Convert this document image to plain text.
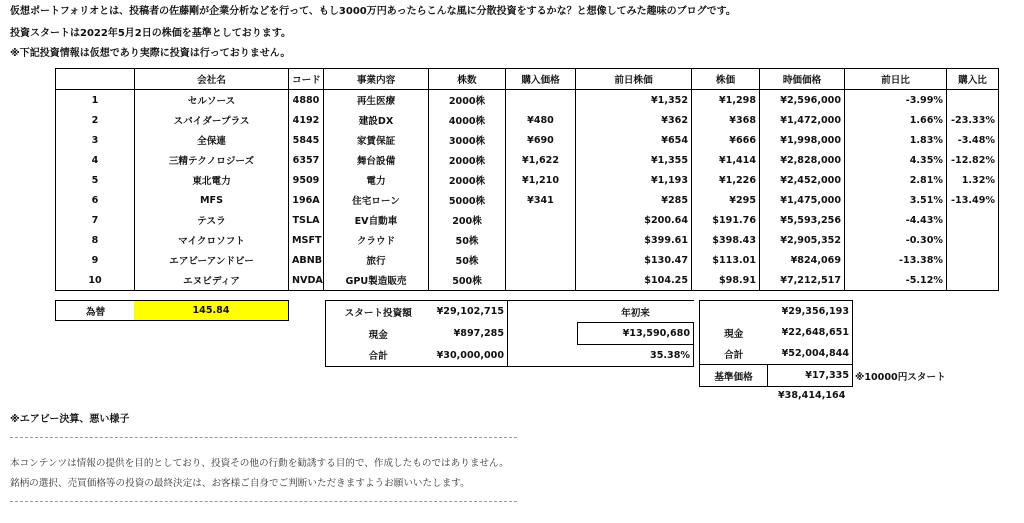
仮想ポートフォリオとは、投稿者の佐藤剛が企業分析などを行って、もし3000万円あったらこんな風に分散投資をするかな？と想像してみた趣味のブログです。
投資スタートは2022年5月2日の株価を基準としております。
※下記投資情報は仮想であり実際に投資は行っておりません。
	会社名	コード	事業内容	株数	購入価格	前日株価	株価	時価価格	前日比	購入比
1	セルソース	4880	再生医療	2000株		¥1,352	¥1,298	¥2,596,000	-3.99%	
2	スパイダープラス	4192	建設DX	4000株	¥480	¥362	¥368	¥1,472,000	1.66%	-23.33%
3	全保連	5845	家賃保証	3000株	¥690	¥654	¥666	¥1,998,000	1.83%	-3.48%
4	三精テクノロジーズ	6357	舞台設備	2000株	¥1,622	¥1,355	¥1,414	¥2,828,000	4.35%	-12.82%
5	東北電力	9509	電力	2000株	¥1,210	¥1,193	¥1,226	¥2,452,000	2.81%	1.32%
6	MFS	196A	住宅ローン	5000株	¥341	¥285	¥295	¥1,475,000	3.51%	-13.49%
7	テスラ	TSLA	EV自動車	200株		$200.64	$191.76	¥5,593,256	-4.43%	
8	マイクロソフト	MSFT	クラウド	50株		$399.61	$398.43	¥2,905,352	-0.30%	
9	エアビーアンドビー	ABNB	旅行	50株		$130.47	$113.01	¥824,069	-13.38%	
10	エヌビディア	NVDA	GPU製造販売	500株		$104.25	$98.91	¥7,212,517	-5.12%	
為替	145.84	スタート投資額	¥29,102,715		年初来
現金	¥897,285		¥13,590,680
合計	¥30,000,000		35.38%
	¥29,356,193
現金	¥22,648,651
合計	¥52,004,844
基準価格	¥17,335 ※10000円スタート
¥38,414,164
※エアビー決算、悪い様子
本コンテンツは情報の提供を目的としており、投資その他の行動を勧誘する目的で、作成したものではありません。
銘柄の選択、売買価格等の投資の最終決定は、お客様ご自身でご判断いただきますようお願いいたします。
